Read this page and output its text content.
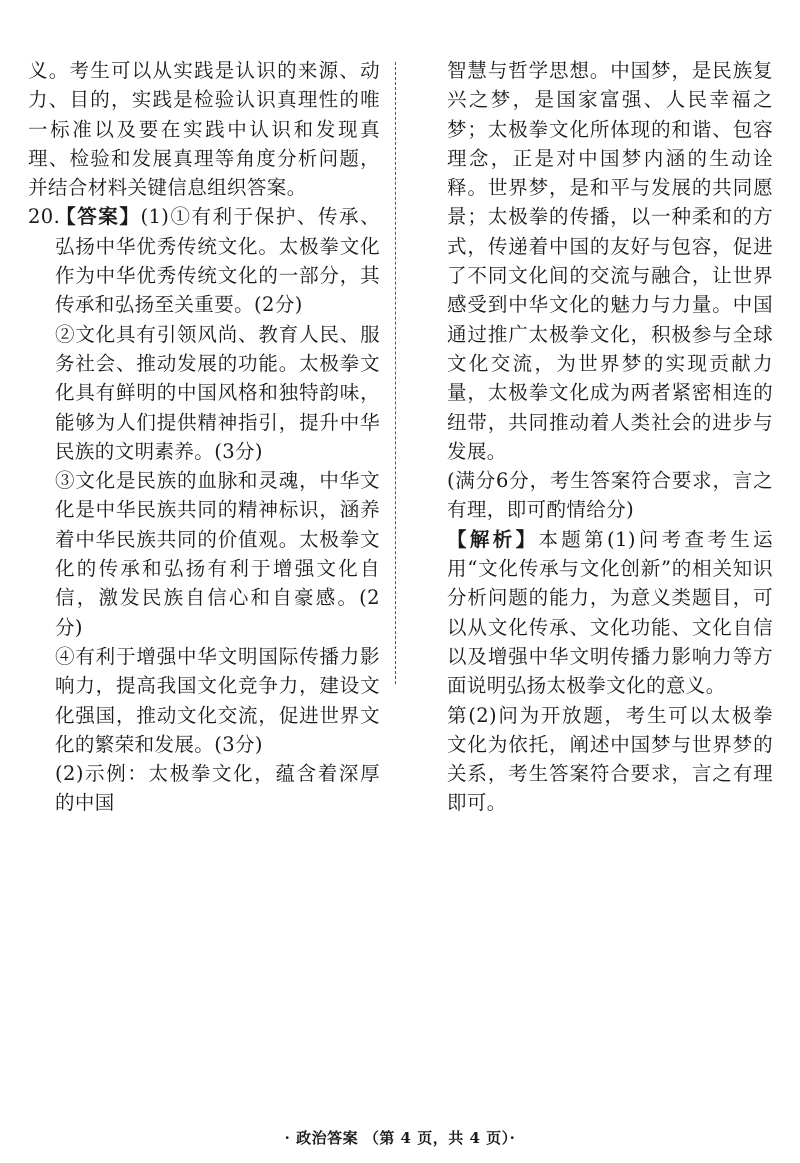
义。考生可以从实践是认识的来源、动力、目的，实践是检验认识真理性的唯一标准以及要在实践中认识和发现真理、检验和发展真理等角度分析问题，并结合材料关键信息组织答案。

20.【答案】(1)①有利于保护、传承、弘扬中华优秀传统文化。太极拳文化作为中华优秀传统文化的一部分，其传承和弘扬至关重要。(2分)

②文化具有引领风尚、教育人民、服务社会、推动发展的功能。太极拳文化具有鲜明的中国风格和独特韵味，能够为人们提供精神指引，提升中华民族的文明素养。(3分)

③文化是民族的血脉和灵魂，中华文化是中华民族共同的精神标识，涵养着中华民族共同的价值观。太极拳文化的传承和弘扬有利于增强文化自信，激发民族自信心和自豪感。(2分)

④有利于增强中华文明国际传播力影响力，提高我国文化竞争力，建设文化强国，推动文化交流，促进世界文化的繁荣和发展。(3分)

(2)示例：太极拳文化，蕴含着深厚的中国

智慧与哲学思想。中国梦，是民族复兴之梦，是国家富强、人民幸福之梦；太极拳文化所体现的和谐、包容理念，正是对中国梦内涵的生动诠释。世界梦，是和平与发展的共同愿景；太极拳的传播，以一种柔和的方式，传递着中国的友好与包容，促进了不同文化间的交流与融合，让世界感受到中华文化的魅力与力量。中国通过推广太极拳文化，积极参与全球文化交流，为世界梦的实现贡献力量，太极拳文化成为两者紧密相连的纽带，共同推动着人类社会的进步与发展。

(满分6分，考生答案符合要求，言之有理，即可酌情给分)

【解析】本题第(1)问考查考生运用“文化传承与文化创新”的相关知识分析问题的能力，为意义类题目，可以从文化传承、文化功能、文化自信以及增强中华文明传播力影响力等方面说明弘扬太极拳文化的意义。

第(2)问为开放题，考生可以太极拳文化为依托，阐述中国梦与世界梦的关系，考生答案符合要求，言之有理即可。

· 政治答案 （第 4 页，共 4 页）·
